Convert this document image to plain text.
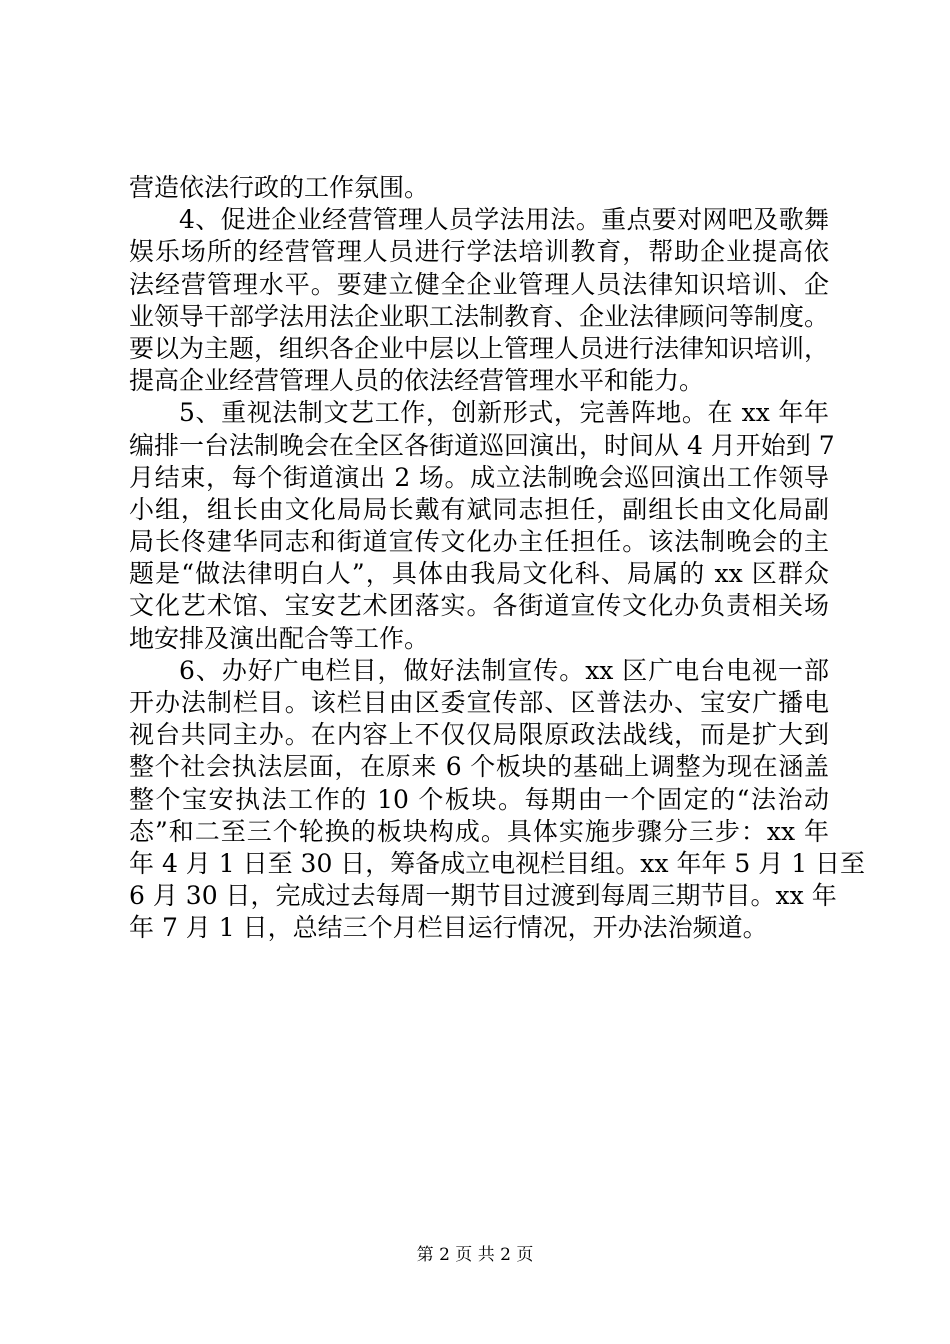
营造依法行政的工作氛围。
4、促进企业经营管理人员学法用法。重点要对网吧及歌舞
娱乐场所的经营管理人员进行学法培训教育，帮助企业提高依
法经营管理水平。要建立健全企业管理人员法律知识培训、企
业领导干部学法用法企业职工法制教育、企业法律顾问等制度。
要以为主题，组织各企业中层以上管理人员进行法律知识培训，
提高企业经营管理人员的依法经营管理水平和能力。
5、重视法制文艺工作，创新形式，完善阵地。在 xx 年年
编排一台法制晚会在全区各街道巡回演出，时间从 4 月开始到 7
月结束，每个街道演出 2 场。成立法制晚会巡回演出工作领导
小组，组长由文化局局长戴有斌同志担任，副组长由文化局副
局长佟建华同志和街道宣传文化办主任担任。该法制晚会的主
题是“做法律明白人”，具体由我局文化科、局属的 xx 区群众
文化艺术馆、宝安艺术团落实。各街道宣传文化办负责相关场
地安排及演出配合等工作。
6、办好广电栏目，做好法制宣传。xx 区广电台电视一部
开办法制栏目。该栏目由区委宣传部、区普法办、宝安广播电
视台共同主办。在内容上不仅仅局限原政法战线，而是扩大到
整个社会执法层面，在原来 6 个板块的基础上调整为现在涵盖
整个宝安执法工作的 10 个板块。每期由一个固定的“法治动
态”和二至三个轮换的板块构成。具体实施步骤分三步：xx 年
年 4 月 1 日至 30 日，筹备成立电视栏目组。xx 年年 5 月 1 日至
6 月 30 日，完成过去每周一期节目过渡到每周三期节目。xx 年
年 7 月 1 日，总结三个月栏目运行情况，开办法治频道。
第 2 页 共 2 页
